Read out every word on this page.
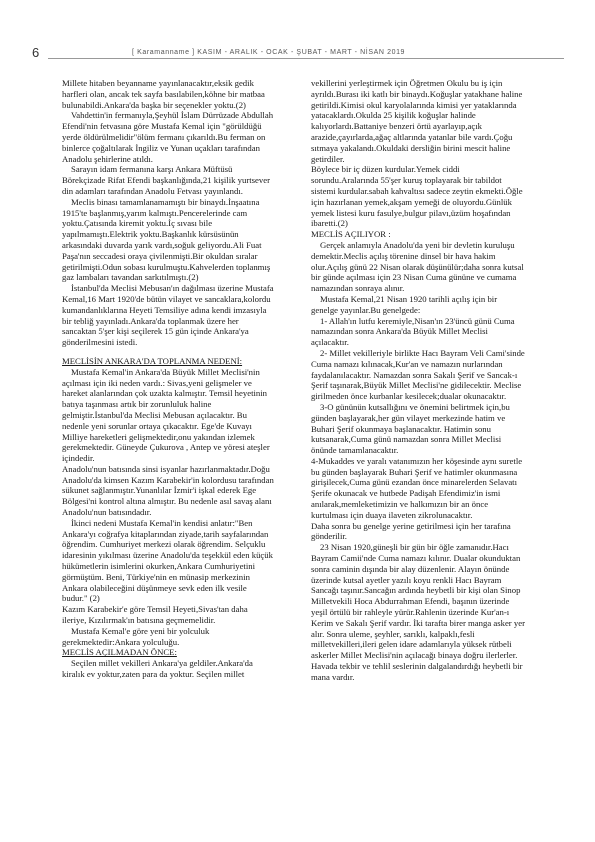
6	[ Karamanname ] KASIM - ARALIK - OCAK - ŞUBAT - MART - NİSAN 2019

Millete hitaben beyanname yayınlanacaktır,eksik gedik harfleri olan, ancak tek sayfa basılabilen,köhne bir matbaa bulunabildi.Ankara'da başka bir seçenekler yoktu.(2)

Vahdettin'in fermanıyla,Şeyhül İslam Dürrüzade Abdullah Efendi'nin fetvasına göre Mustafa Kemal için "görüldüğü yerde öldürülmelidir"ölüm fermanı çıkarıldı.Bu ferman on binlerce çoğaltılarak İngiliz ve Yunan uçakları tarafından Anadolu şehirlerine atıldı.

Sarayın idam fermanına karşı Ankara Müftüsü Börekçizade Rifat Efendi başkanlığında,21 kişilik yurtsever din adamları tarafından Anadolu Fetvası yayınlandı.

Meclis binası tamamlanamamıştı bir binaydı.İnşaatına 1915'te başlanmış,yarım kalmıştı.Pencerelerinde cam yoktu.Çatısında kiremit yoktu.İç sıvası bile yapılmamıştı.Elektrik yoktu.Başkanlık kürsüsünün arkasındaki duvarda yarık vardı,soğuk geliyordu.Ali Fuat Paşa'nın seccadesi oraya çivilenmişti.Bir okuldan sıralar getirilmişti.Odun sobası kurulmuştu.Kahvelerden toplanmış gaz lambaları tavandan sarkıtılmıştı.(2)

İstanbul'da Meclisi Mebusan'ın dağılması üzerine Mustafa Kemal,16 Mart 1920'de bütün vilayet ve sancaklara,kolordu kumandanlıklarına Heyeti Temsiliye adına kendi imzasıyla bir tebliğ yayınladı.Ankara'da toplanmak üzere her sancaktan 5'şer kişi seçilerek 15 gün içinde Ankara'ya gönderilmesini istedi.

MECLİSİN ANKARA'DA TOPLANMA NEDENİ:

Mustafa Kemal'in Ankara'da Büyük Millet Meclisi'nin açılması için iki neden vardı.: Sivas,yeni gelişmeler ve hareket alanlarından çok uzakta kalmıştır. Temsil heyetinin batıya taşınması artık bir zorunluluk haline gelmiştir.İstanbul'da Meclisi Mebusan açılacaktır. Bu nedenle yeni sorunlar ortaya çıkacaktır. Ege'de Kuvayı Milliye hareketleri gelişmektedir,onu yakından izlemek gerekmektedir. Güneyde Çukurova , Antep ve yöresi ateşler içindedir.

Anadolu'nun batısında sinsi isyanlar hazırlanmaktadır.Doğu Anadolu'da kimsen Kazım Karabekir'in kolordusu tarafından sükunet sağlanmıştır.Yunanlılar İzmir'i işkal ederek Ege Bölgesi'ni kontrol altına almıştır. Bu nedenle asıl savaş alanı Anadolu'nun batısındadır.

İkinci nedeni Mustafa Kemal'in kendisi anlatır:"Ben Ankara'yı coğrafya kitaplarından ziyade,tarih sayfalarından öğrendim. Cumhuriyet merkezi olarak öğrendim. Selçuklu idaresinin yıkılması üzerine Anadolu'da teşekkül eden küçük hükümetlerin isimlerini okurken,Ankara Cumhuriyetini görmüştüm. Beni, Türkiye'nin en münasip merkezinin Ankara olabileceğini düşünmeye sevk eden ilk vesile budur." (2)

Kazım Karabekir'e göre Temsil Heyeti,Sivas'tan daha ileriye, Kızılırmak'ın batısına geçmemelidir.

Mustafa Kemal'e göre yeni bir yolculuk gerekmektedir:Ankara yolculuğu.

MECLİS AÇILMADAN ÖNCE:

Seçilen millet vekilleri Ankara'ya geldiler.Ankara'da kiralık ev yoktur,zaten para da yoktur. Seçilen millet

vekillerini yerleştirmek için Öğretmen Okulu bu iş için ayrıldı.Burası iki katlı bir binaydı.Koğuşlar yatakhane haline getirildi.Kimisi okul karyolalarında kimisi yer yataklarında yatacaklardı.Okulda 25 kişilik koğuşlar halinde kalıyorlardı.Battaniye benzeri örtü ayarlayıp,açık arazide,çayırlarda,ağaç altlarında yatanlar bile vardı.Çoğu sıtmaya yakalandı.Okuldaki dersliğin birini mescit haline getirdiler.

Böylece bir iç düzen kurdular.Yemek ciddi sorundu.Aralarında 55'şer kuruş toplayarak bir tabildot sistemi kurdular.sabah kahvaltısı sadece zeytin ekmekti.Öğle için hazırlanan yemek,akşam yemeği de oluyordu.Günlük yemek listesi kuru fasulye,bulgur pilavı,üzüm hoşafından ibaretti.(2)

MECLİS AÇILIYOR :

Gerçek anlamıyla Anadolu'da yeni bir devletin kuruluşu demektir.Meclis açılış törenine dinsel bir hava hakim olur.Açılış günü 22 Nisan olarak düşünülür;daha sonra kutsal bir günde açılması için 23 Nisan Cuma gününe ve cumama namazından sonraya alınır.

Mustafa Kemal,21 Nisan 1920 tarihli açılış için bir genelge yayınlar.Bu genelgede:

1- Allah'ın lutfu keremiyle,Nisan'ın 23'üncü günü Cuma namazından sonra Ankara'da Büyük Millet Meclisi açılacaktır.

2- Millet vekilleriyle birlikte Hacı Bayram Veli Cami'sinde Cuma namazı kılınacak,Kur'an ve namazın nurlarından faydalanılacaktır. Namazdan sonra Sakalı Şerif ve Sancak-ı Şerif taşınarak,Büyük Millet Meclisi'ne gidilecektir. Meclise girilmeden önce kurbanlar kesilecek;dualar okunacaktır.

3-O gününün kutsallığını ve önemini belirtmek için,bu günden başlayarak,her gün vilayet merkezinde hatim ve Buhari Şerif okunmaya başlanacaktır. Hatimin sonu kutsanarak,Cuma günü namazdan sonra Millet Meclisi önünde tamamlanacaktır.

4-Mukaddes ve yaralı vatanımızın her köşesinde aynı suretle bu günden başlayarak Buhari Şerif ve hatimler okunmasına girişilecek,Cuma günü ezandan önce minarelerden Selavatı Şerife okunacak ve hutbede Padişah Efendimiz'in ismi anılarak,memleketimizin ve halkımızın bir an önce kurtulması için duaya ilaveten zikrolunacaktır.

Daha sonra bu genelge yerine getirilmesi için her tarafına gönderilir.

23 Nisan 1920,güneşli bir gün bir öğle zamanıdır.Hacı Bayram Camii'nde Cuma namazı kılınır. Dualar okunduktan sonra caminin dışında bir alay düzenlenir. Alayın önünde üzerinde kutsal ayetler yazılı koyu renkli Hacı Bayram Sancağı taşınır.Sancağın ardında heybetli bir kişi olan Sinop Milletvekili Hoca Abdurrahman Efendi, başının üzerinde yeşil örtülü bir rahleyle yürür.Rahlenin üzerinde Kur'an-ı Kerim ve Sakalı Şerif vardır. İki tarafta birer manga asker yer alır. Sonra uleme, şeyhler, sarıklı, kalpaklı,fesli milletvekilleri,ileri gelen idare adamlarıyla yüksek rütbeli askerler Millet Meclisi'nin açılacağı binaya doğru ilerlerler. Havada tekbir ve tehlil seslerinin dalgalandırdığı heybetli bir mana vardır.
